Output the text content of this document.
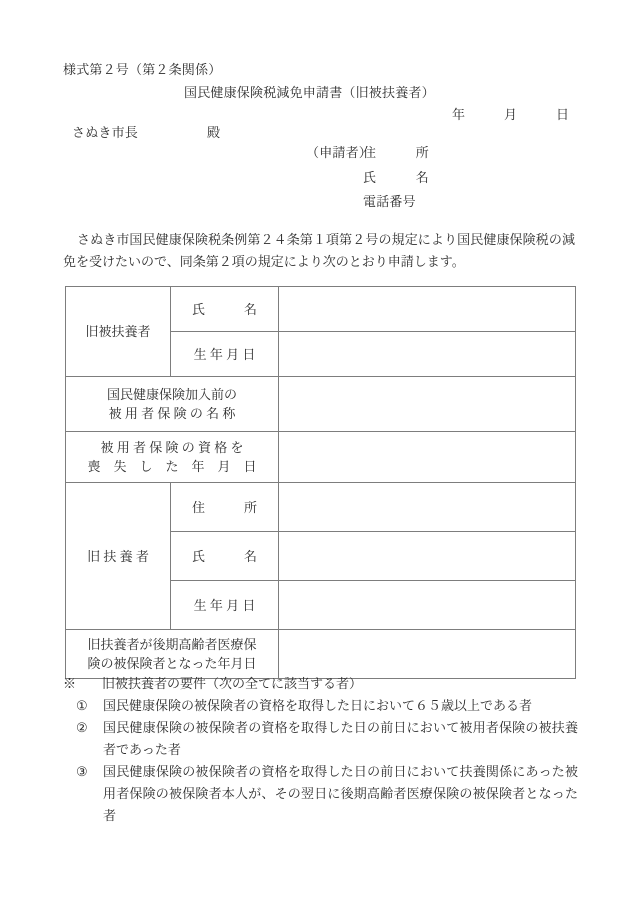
様式第２号（第２条関係）
国民健康保険税減免申請書（旧被扶養者）
年　　　月　　　日
さぬき市長	殿
（申請者）
住　　　所
氏　　　名
電話番号
さぬき市国民健康保険税条例第２４条第１項第２号の規定により国民健康保険税の減免を受けたいので、同条第２項の規定により次のとおり申請します。
旧被扶養者	氏　　　名	

	生 年 月 日	

国民健康保険加入前の
被 用 者 保 険 の 名 称		

被 用 者 保 険 の 資 格 を
喪　失　し　た　年　月　日		

旧 扶 養 者	住　　　所	

	氏　　　名	

	生 年 月 日	

旧扶養者が後期高齢者医療保
険の被保険者となった年月日		

※　　 旧被扶養者の要件（次の全てに該当する者）
①	国民健康保険の被保険者の資格を取得した日において６５歳以上である者
②	国民健康保険の被保険者の資格を取得した日の前日において被用者保険の被扶養者であった者
③	国民健康保険の被保険者の資格を取得した日の前日において扶養関係にあった被用者保険の被保険者本人が、その翌日に後期高齢者医療保険の被保険者となった者
